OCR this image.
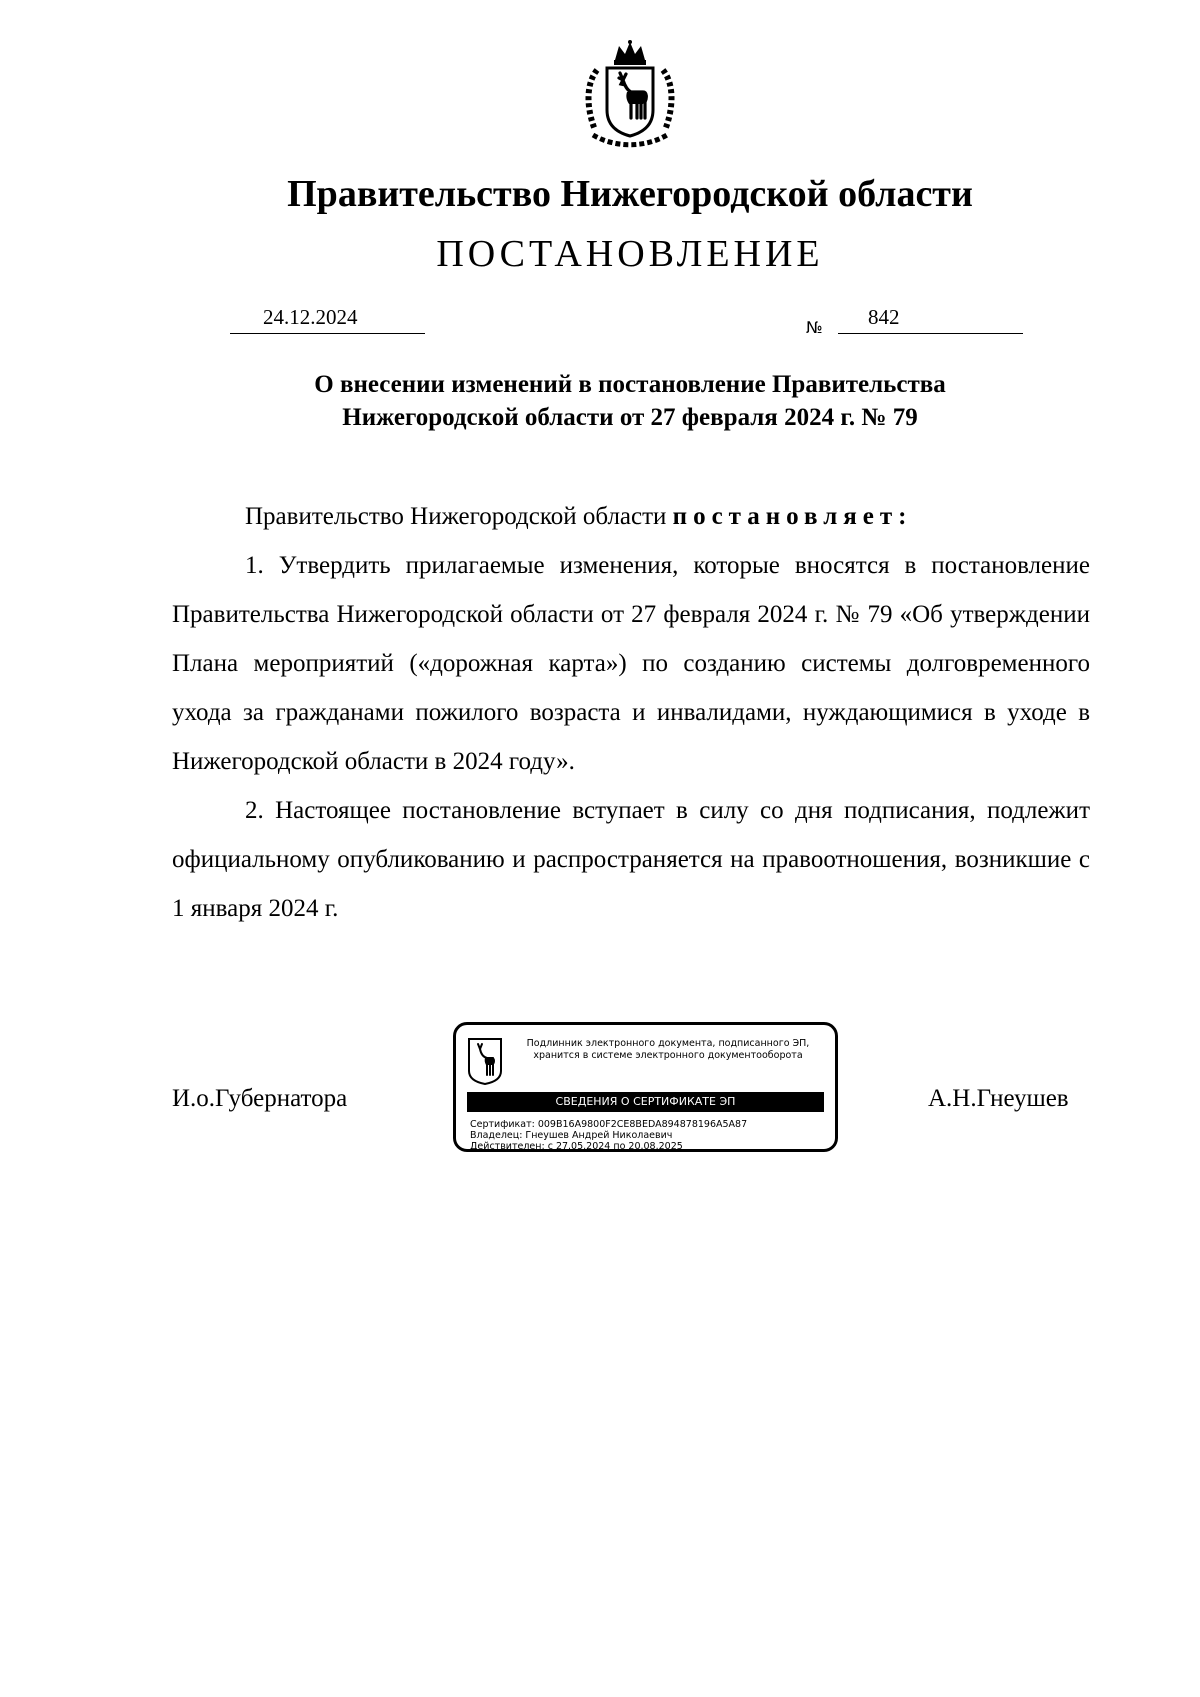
Правительство Нижегородской области
ПОСТАНОВЛЕНИЕ
24.12.2024	№ 842
О внесении изменений в постановление Правительства
Нижегородской области от 27 февраля 2024 г. № 79

Правительство Нижегородской области постановляет:

1. Утвердить прилагаемые изменения, которые вносятся в постановление Правительства Нижегородской области от 27 февраля 2024 г. № 79 «Об утверждении Плана мероприятий («дорожная карта») по созданию системы долговременного ухода за гражданами пожилого возраста и инвалидами, нуждающимися в уходе в Нижегородской области в 2024 году».

2. Настоящее постановление вступает в силу со дня подписания, подлежит официальному опубликованию и распространяется на правоотношения, возникшие с 1 января 2024 г.

И.о.Губернатора	А.Н.Гнеушев
Подлинник электронного документа, подписанного ЭП,
хранится в системе электронного документооборота
СВЕДЕНИЯ О СЕРТИФИКАТЕ ЭП
Сертификат: 009B16A9800F2CE8BEDA894878196A5A87
Владелец: Гнеушев Андрей Николаевич
Действителен: с 27.05.2024 по 20.08.2025
